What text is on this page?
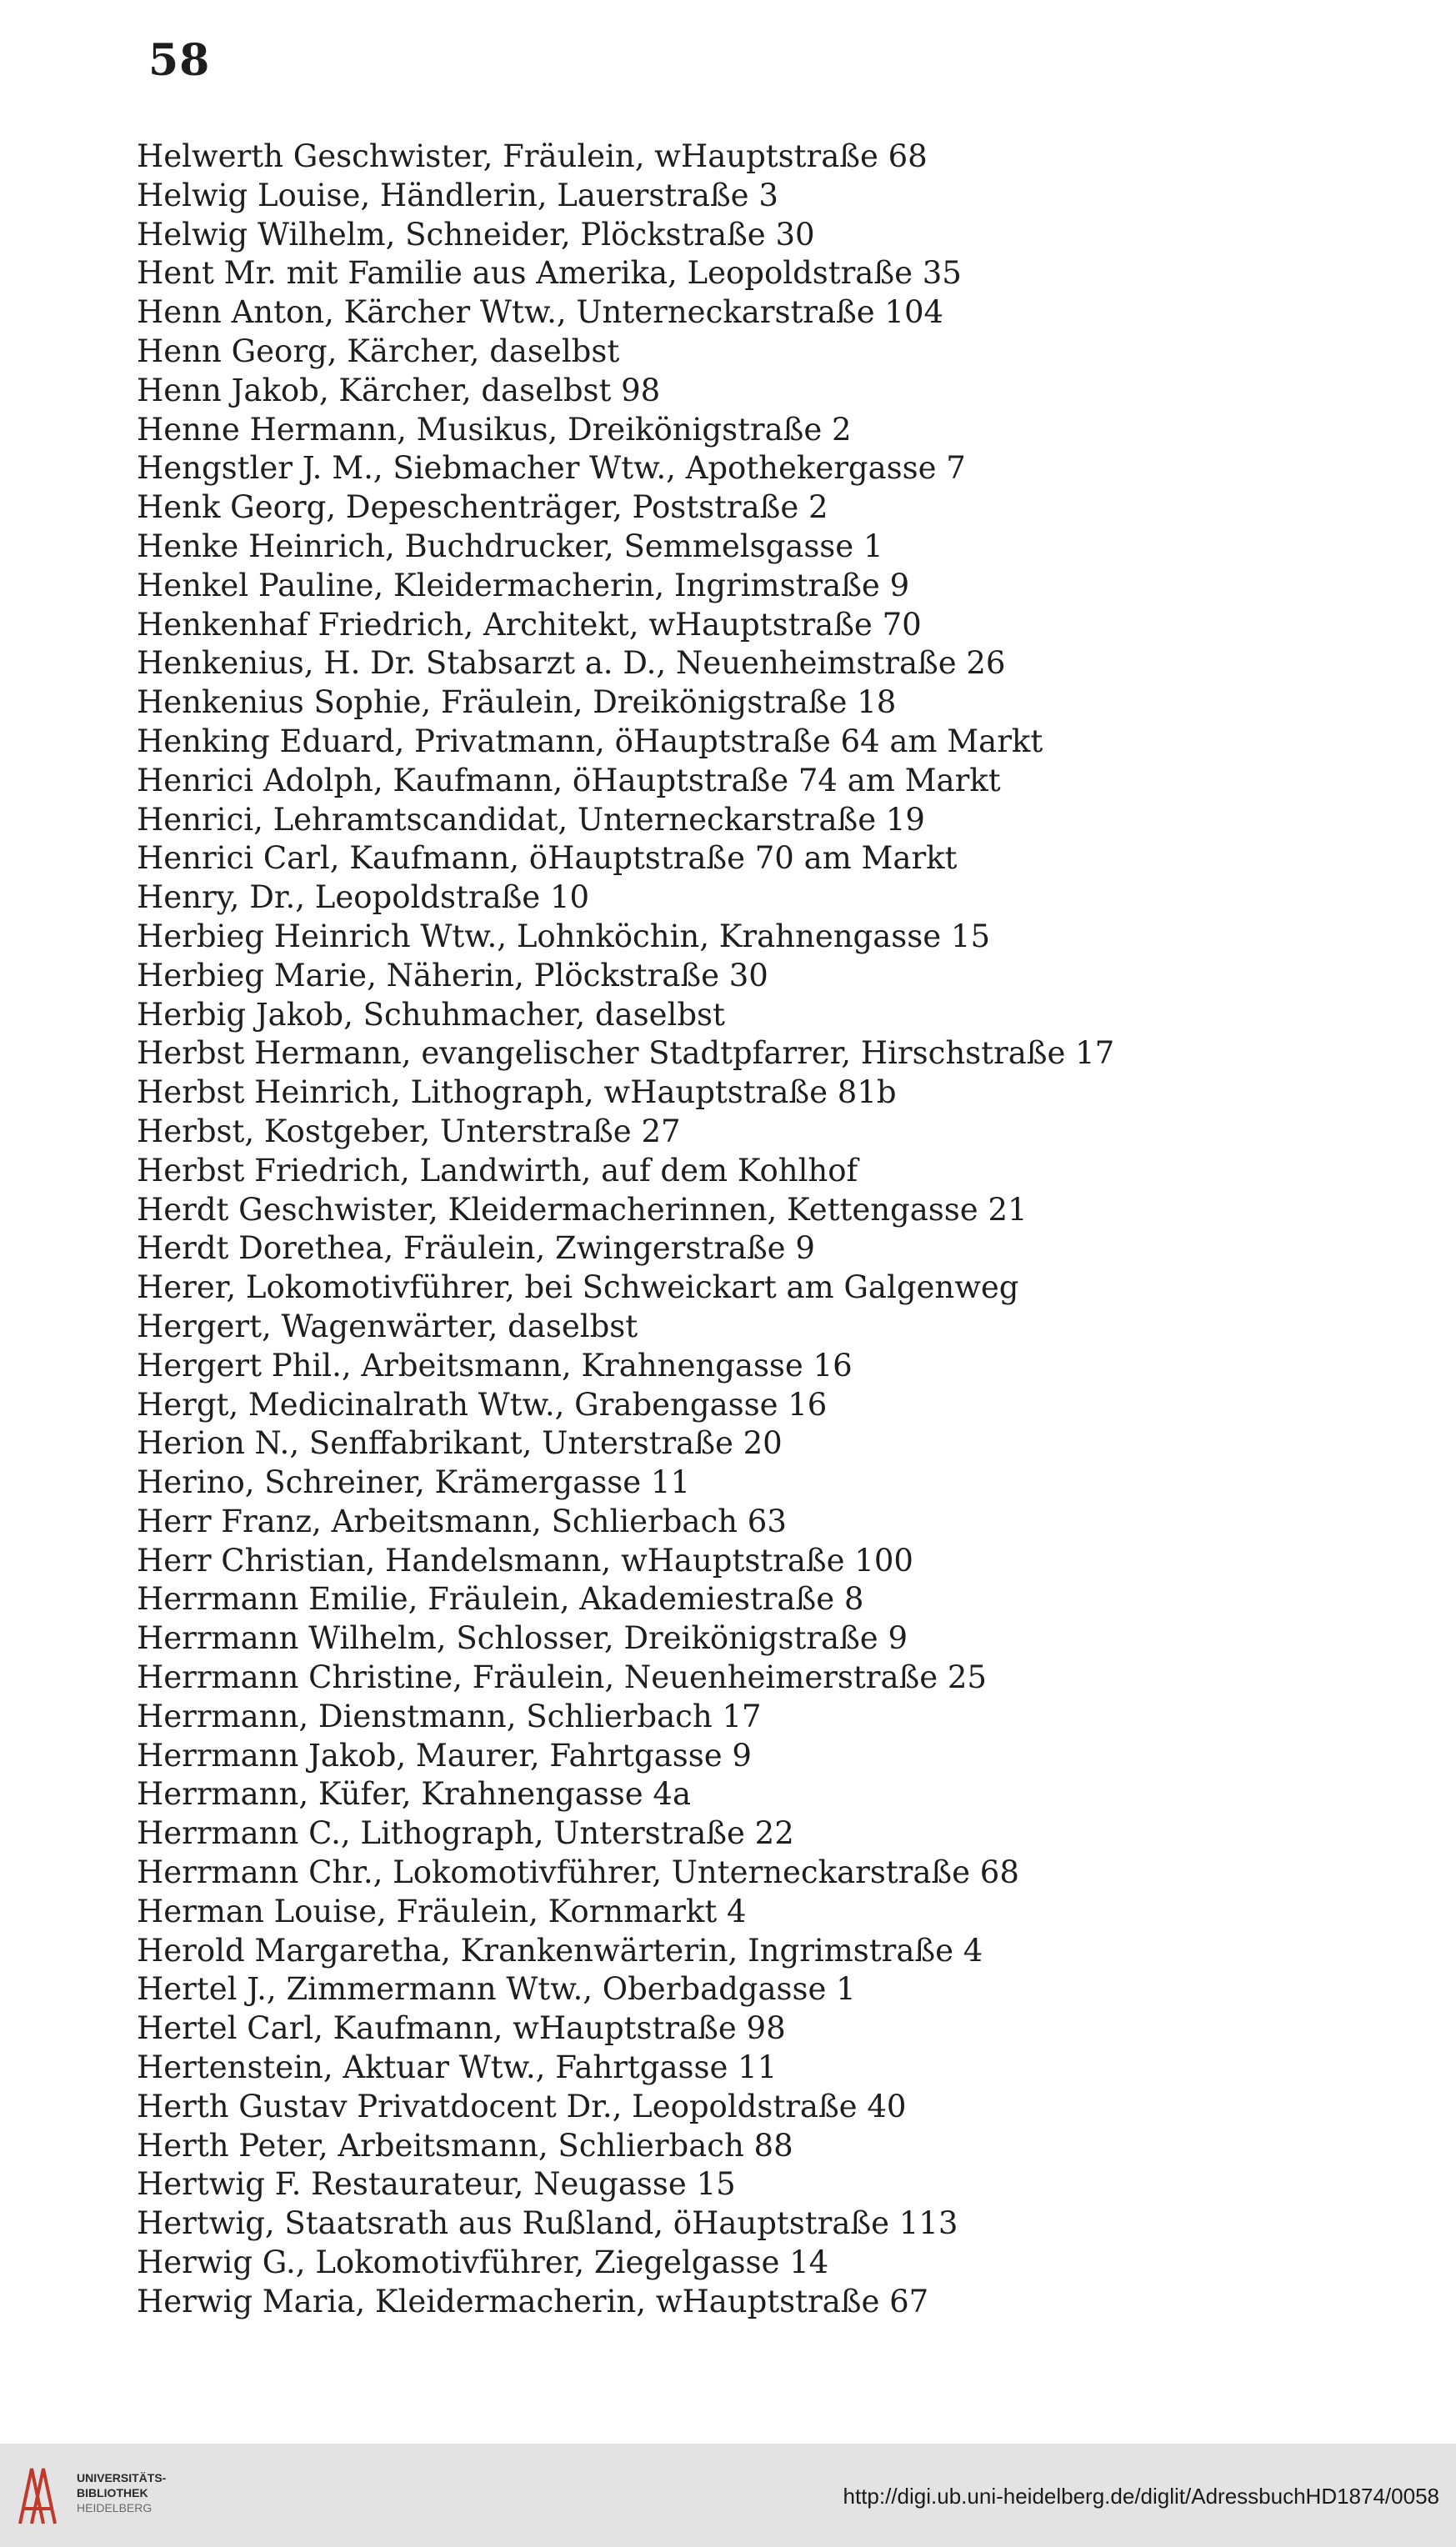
58
Helwerth Geschwister, Fräulein, wHauptstraße 68
Helwig Louise, Händlerin, Lauerstraße 3
Helwig Wilhelm, Schneider, Plöckstraße 30
Hent Mr. mit Familie aus Amerika, Leopoldstraße 35
Henn Anton, Kärcher Wtw., Unterneckarstraße 104
Henn Georg, Kärcher, daselbst
Henn Jakob, Kärcher, daselbst 98
Henne Hermann, Musikus, Dreikönigstraße 2
Hengstler J. M., Siebmacher Wtw., Apothekergasse 7
Henk Georg, Depeschenträger, Poststraße 2
Henke Heinrich, Buchdrucker, Semmelsgasse 1
Henkel Pauline, Kleidermacherin, Ingrimstraße 9
Henkenhaf Friedrich, Architekt, wHauptstraße 70
Henkenius, H. Dr. Stabsarzt a. D., Neuenheimstraße 26
Henkenius Sophie, Fräulein, Dreikönigstraße 18
Henking Eduard, Privatmann, öHauptstraße 64 am Markt
Henrici Adolph, Kaufmann, öHauptstraße 74 am Markt
Henrici, Lehramtscandidat, Unterneckarstraße 19
Henrici Carl, Kaufmann, öHauptstraße 70 am Markt
Henry, Dr., Leopoldstraße 10
Herbieg Heinrich Wtw., Lohnköchin, Krahnengasse 15
Herbieg Marie, Näherin, Plöckstraße 30
Herbig Jakob, Schuhmacher, daselbst
Herbst Hermann, evangelischer Stadtpfarrer, Hirschstraße 17
Herbst Heinrich, Lithograph, wHauptstraße 81b
Herbst, Kostgeber, Unterstraße 27
Herbst Friedrich, Landwirth, auf dem Kohlhof
Herdt Geschwister, Kleidermacherinnen, Kettengasse 21
Herdt Dorethea, Fräulein, Zwingerstraße 9
Herer, Lokomotivführer, bei Schweickart am Galgenweg
Hergert, Wagenwärter, daselbst
Hergert Phil., Arbeitsmann, Krahnengasse 16
Hergt, Medicinalrath Wtw., Grabengasse 16
Herion N., Senffabrikant, Unterstraße 20
Herino, Schreiner, Krämergasse 11
Herr Franz, Arbeitsmann, Schlierbach 63
Herr Christian, Handelsmann, wHauptstraße 100
Herrmann Emilie, Fräulein, Akademiestraße 8
Herrmann Wilhelm, Schlosser, Dreikönigstraße 9
Herrmann Christine, Fräulein, Neuenheimerstraße 25
Herrmann, Dienstmann, Schlierbach 17
Herrmann Jakob, Maurer, Fahrtgasse 9
Herrmann, Küfer, Krahnengasse 4a
Herrmann C., Lithograph, Unterstraße 22
Herrmann Chr., Lokomotivführer, Unterneckarstraße 68
Herman Louise, Fräulein, Kornmarkt 4
Herold Margaretha, Krankenwärterin, Ingrimstraße 4
Hertel J., Zimmermann Wtw., Oberbadgasse 1
Hertel Carl, Kaufmann, wHauptstraße 98
Hertenstein, Aktuar Wtw., Fahrtgasse 11
Herth Gustav Privatdocent Dr., Leopoldstraße 40
Herth Peter, Arbeitsmann, Schlierbach 88
Hertwig F. Restaurateur, Neugasse 15
Hertwig, Staatsrath aus Rußland, öHauptstraße 113
Herwig G., Lokomotivführer, Ziegelgasse 14
Herwig Maria, Kleidermacherin, wHauptstraße 67
UNIVERSITÄTS-
BIBLIOTHEK
HEIDELBERG	http://digi.ub.uni-heidelberg.de/diglit/AdressbuchHD1874/0058
